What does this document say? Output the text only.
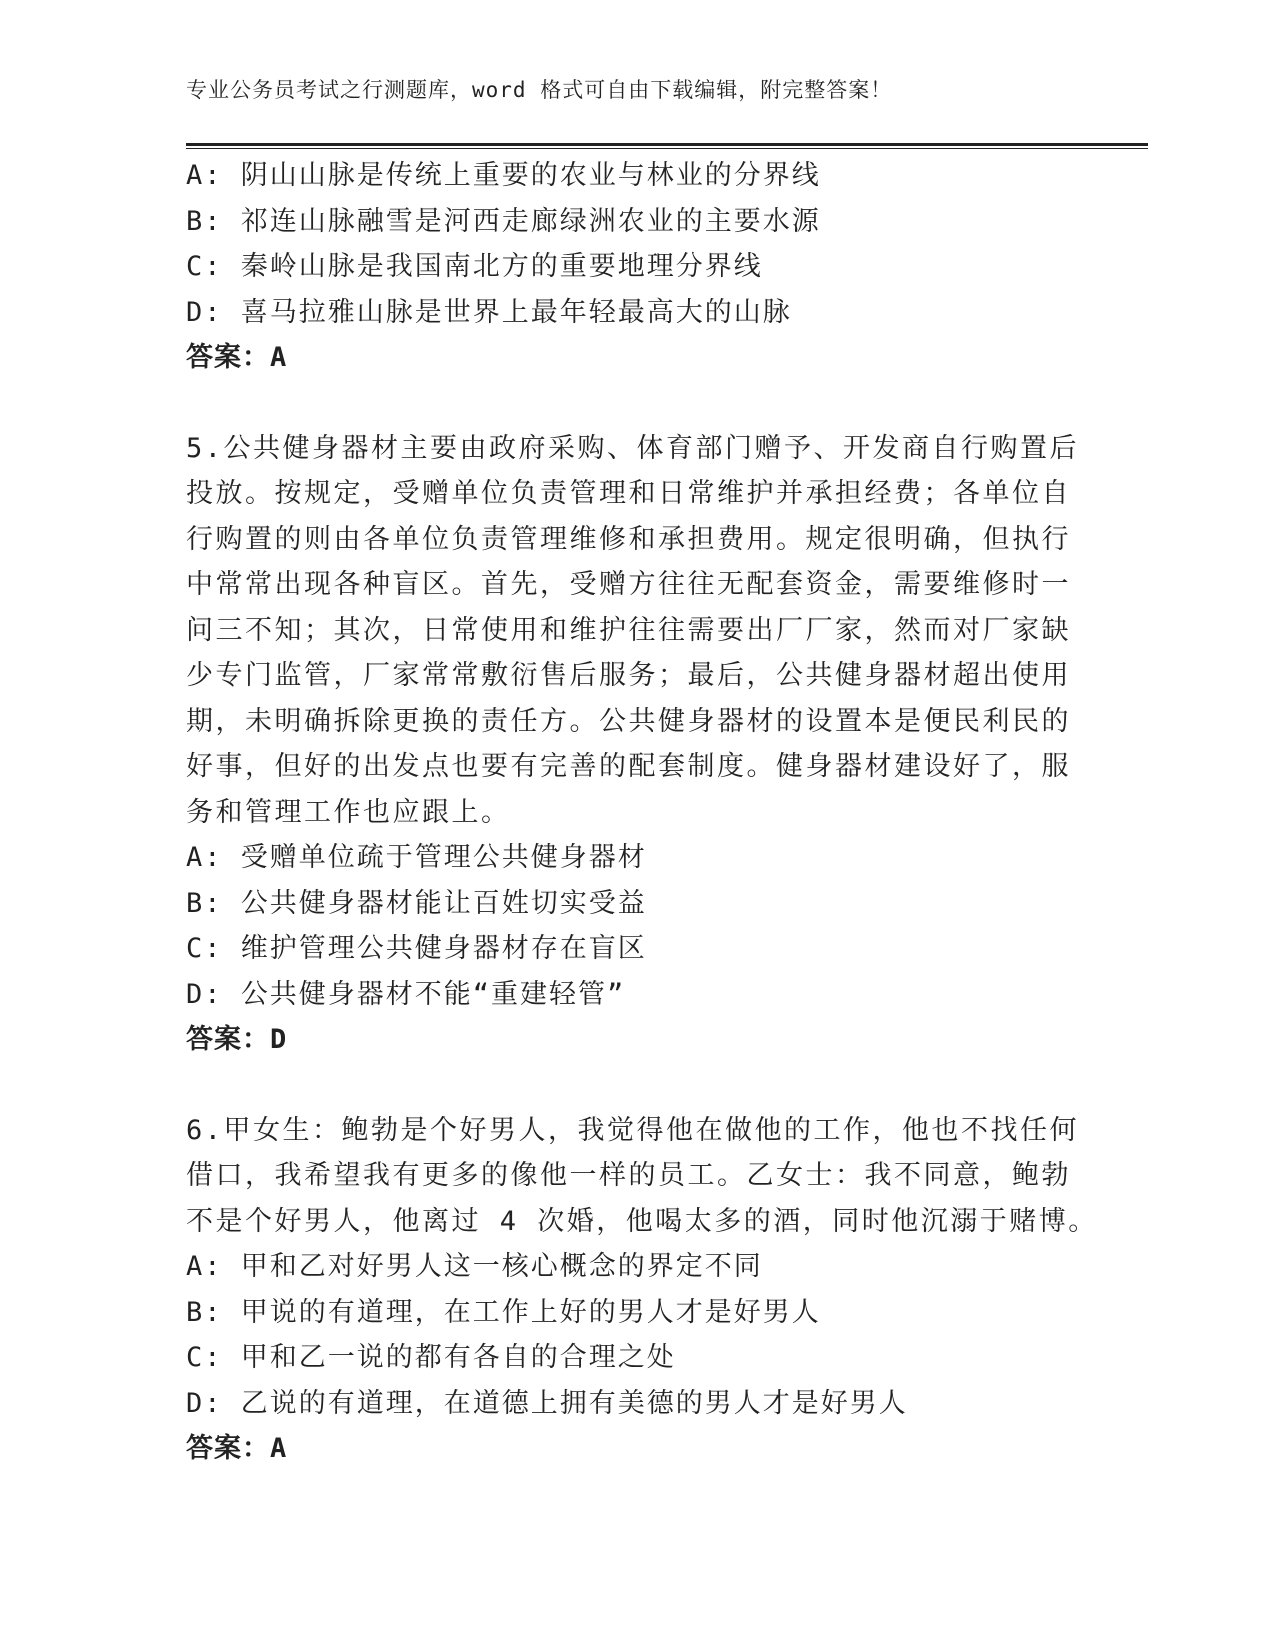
专业公务员考试之行测题库，word 格式可自由下载编辑，附完整答案！
A: 阴山山脉是传统上重要的农业与林业的分界线
B: 祁连山脉融雪是河西走廊绿洲农业的主要水源
C: 秦岭山脉是我国南北方的重要地理分界线
D: 喜马拉雅山脉是世界上最年轻最高大的山脉
答案：A
5.公共健身器材主要由政府采购、体育部门赠予、开发商自行购置后
投放。按规定，受赠单位负责管理和日常维护并承担经费；各单位自
行购置的则由各单位负责管理维修和承担费用。规定很明确，但执行
中常常出现各种盲区。首先，受赠方往往无配套资金，需要维修时一
问三不知；其次，日常使用和维护往往需要出厂厂家，然而对厂家缺
少专门监管，厂家常常敷衍售后服务；最后，公共健身器材超出使用
期，未明确拆除更换的责任方。公共健身器材的设置本是便民利民的
好事，但好的出发点也要有完善的配套制度。健身器材建设好了，服
务和管理工作也应跟上。
A: 受赠单位疏于管理公共健身器材
B: 公共健身器材能让百姓切实受益
C: 维护管理公共健身器材存在盲区
D: 公共健身器材不能“重建轻管”
答案：D
6.甲女生：鲍勃是个好男人，我觉得他在做他的工作，他也不找任何
借口，我希望我有更多的像他一样的员工。乙女士：我不同意，鲍勃
不是个好男人，他离过 4 次婚，他喝太多的酒，同时他沉溺于赌博。
A: 甲和乙对好男人这一核心概念的界定不同
B: 甲说的有道理，在工作上好的男人才是好男人
C: 甲和乙一说的都有各自的合理之处
D: 乙说的有道理，在道德上拥有美德的男人才是好男人
答案：A
